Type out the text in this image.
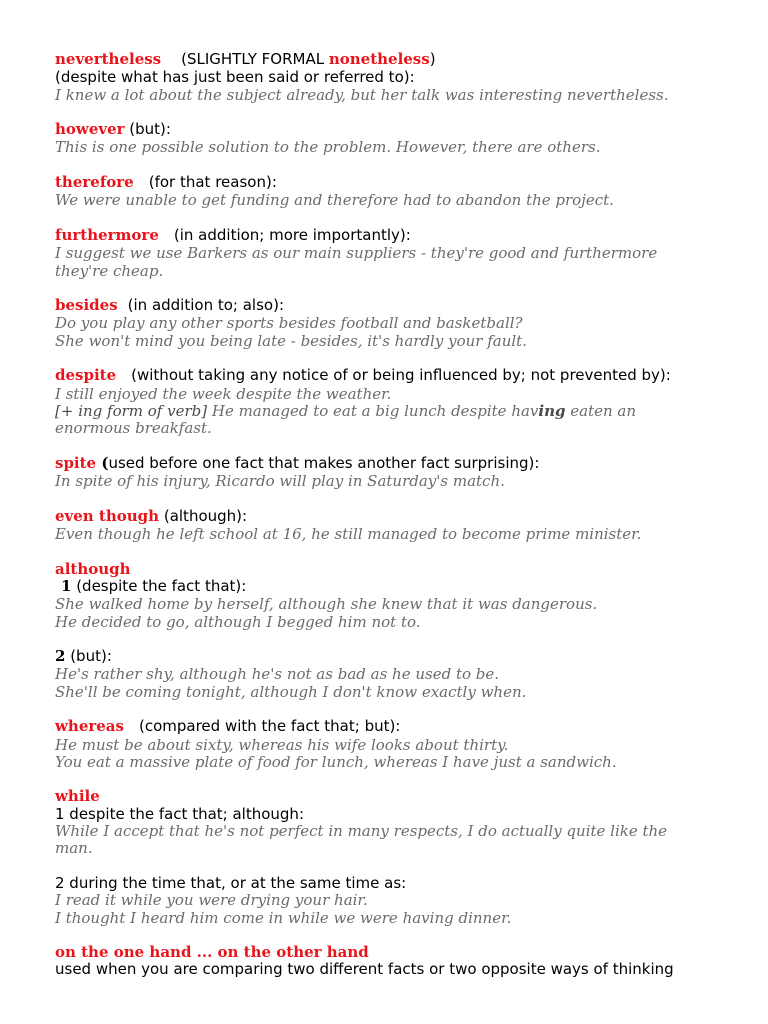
nevertheless (SLIGHTLY FORMAL nonetheless)
(despite what has just been said or referred to):
I knew a lot about the subject already, but her talk was interesting nevertheless.
however (but):
This is one possible solution to the problem. However, there are others.
therefore (for that reason):
We were unable to get funding and therefore had to abandon the project.
furthermore (in addition; more importantly):
I suggest we use Barkers as our main suppliers - they're good and furthermore
they're cheap.
besides (in addition to; also):
Do you play any other sports besides football and basketball?
She won't mind you being late - besides, it's hardly your fault.
despite (without taking any notice of or being influenced by; not prevented by):
I still enjoyed the week despite the weather.
[+ ing form of verb] He managed to eat a big lunch despite having eaten an
enormous breakfast.
spite (used before one fact that makes another fact surprising):
In spite of his injury, Ricardo will play in Saturday's match.
even though (although):
Even though he left school at 16, he still managed to become prime minister.
although
1 (despite the fact that):
She walked home by herself, although she knew that it was dangerous.
He decided to go, although I begged him not to.
2 (but):
He's rather shy, although he's not as bad as he used to be.
She'll be coming tonight, although I don't know exactly when.
whereas (compared with the fact that; but):
He must be about sixty, whereas his wife looks about thirty.
You eat a massive plate of food for lunch, whereas I have just a sandwich.
while
1 despite the fact that; although:
While I accept that he's not perfect in many respects, I do actually quite like the
man.
2 during the time that, or at the same time as:
I read it while you were drying your hair.
I thought I heard him come in while we were having dinner.
on the one hand ... on the other hand
used when you are comparing two different facts or two opposite ways of thinking
